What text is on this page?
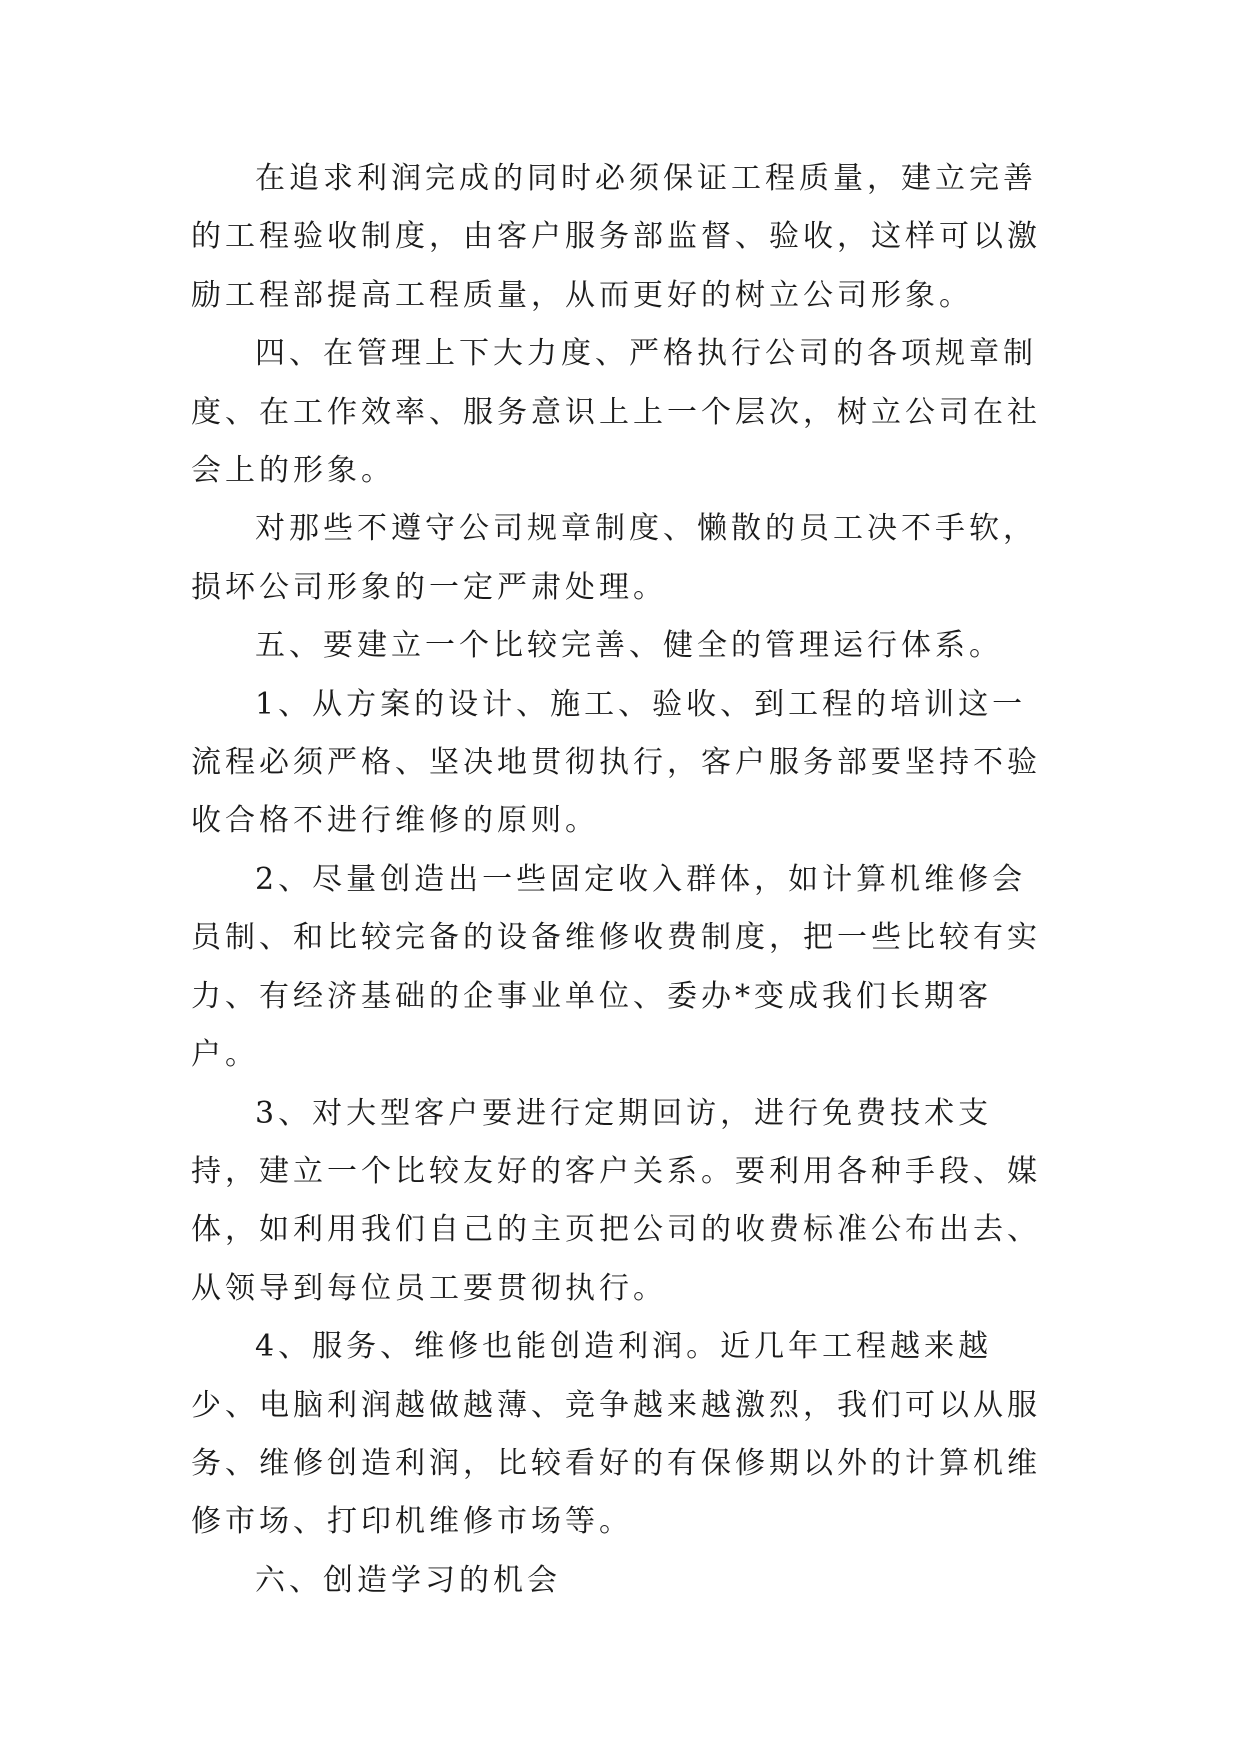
在追求利润完成的同时必须保证工程质量，建立完善的工程验收制度，由客户服务部监督、验收，这样可以激励工程部提高工程质量，从而更好的树立公司形象。

四、在管理上下大力度、严格执行公司的各项规章制度、在工作效率、服务意识上上一个层次，树立公司在社会上的形象。

对那些不遵守公司规章制度、懒散的员工决不手软，损坏公司形象的一定严肃处理。

五、要建立一个比较完善、健全的管理运行体系。

1、从方案的设计、施工、验收、到工程的培训这一流程必须严格、坚决地贯彻执行，客户服务部要坚持不验收合格不进行维修的原则。

2、尽量创造出一些固定收入群体，如计算机维修会员制、和比较完备的设备维修收费制度，把一些比较有实力、有经济基础的企事业单位、委办*变成我们长期客户。

3、对大型客户要进行定期回访，进行免费技术支持，建立一个比较友好的客户关系。要利用各种手段、媒体，如利用我们自己的主页把公司的收费标准公布出去、从领导到每位员工要贯彻执行。

4、服务、维修也能创造利润。近几年工程越来越少、电脑利润越做越薄、竞争越来越激烈，我们可以从服务、维修创造利润，比较看好的有保修期以外的计算机维修市场、打印机维修市场等。

六、创造学习的机会
